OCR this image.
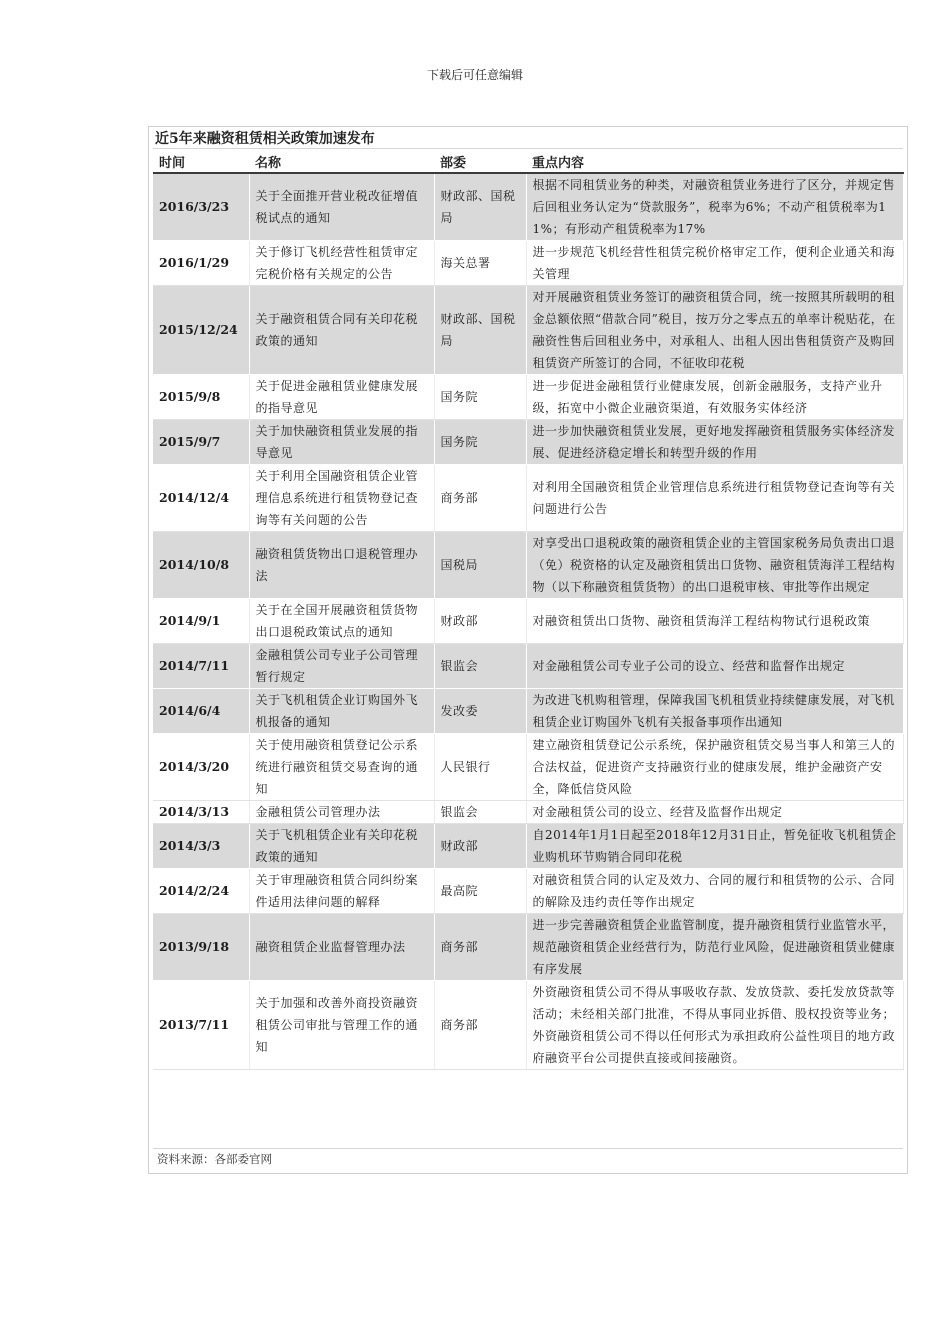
下载后可任意编辑
近5年来融资租赁相关政策加速发布
时间	名称	部委	重点内容
2016/3/23	关于全面推开营业税改征增值税试点的通知	财政部、国税局	根据不同租赁业务的种类，对融资租赁业务进行了区分，并规定售后回租业务认定为“贷款服务”，税率为6%；不动产租赁税率为11%；有形动产租赁税率为17%
2016/1/29	关于修订飞机经营性租赁审定完税价格有关规定的公告	海关总署	进一步规范飞机经营性租赁完税价格审定工作，便利企业通关和海关管理
2015/12/24	关于融资租赁合同有关印花税政策的通知	财政部、国税局	对开展融资租赁业务签订的融资租赁合同，统一按照其所载明的租金总额依照“借款合同”税目，按万分之零点五的单率计税贴花，在融资性售后回租业务中，对承租人、出租人因出售租赁资产及购回租赁资产所签订的合同，不征收印花税
2015/9/8	关于促进金融租赁业健康发展的指导意见	国务院	进一步促进金融租赁行业健康发展，创新金融服务，支持产业升级，拓宽中小微企业融资渠道，有效服务实体经济
2015/9/7	关于加快融资租赁业发展的指导意见	国务院	进一步加快融资租赁业发展，更好地发挥融资租赁服务实体经济发展、促进经济稳定增长和转型升级的作用
2014/12/4	关于利用全国融资租赁企业管理信息系统进行租赁物登记查询等有关问题的公告	商务部	对利用全国融资租赁企业管理信息系统进行租赁物登记查询等有关问题进行公告
2014/10/8	融资租赁货物出口退税管理办法	国税局	对享受出口退税政策的融资租赁企业的主管国家税务局负责出口退（免）税资格的认定及融资租赁出口货物、融资租赁海洋工程结构物（以下称融资租赁货物）的出口退税审核、审批等作出规定
2014/9/1	关于在全国开展融资租赁货物出口退税政策试点的通知	财政部	对融资租赁出口货物、融资租赁海洋工程结构物试行退税政策
2014/7/11	金融租赁公司专业子公司管理暂行规定	银监会	对金融租赁公司专业子公司的设立、经营和监督作出规定
2014/6/4	关于飞机租赁企业订购国外飞机报备的通知	发改委	为改进飞机购租管理，保障我国飞机租赁业持续健康发展，对飞机租赁企业订购国外飞机有关报备事项作出通知
2014/3/20	关于使用融资租赁登记公示系统进行融资租赁交易查询的通知	人民银行	建立融资租赁登记公示系统，保护融资租赁交易当事人和第三人的合法权益，促进资产支持融资行业的健康发展，维护金融资产安全，降低信贷风险
2014/3/13	金融租赁公司管理办法	银监会	对金融租赁公司的设立、经营及监督作出规定
2014/3/3	关于飞机租赁企业有关印花税政策的通知	财政部	自2014年1月1日起至2018年12月31日止，暂免征收飞机租赁企业购机环节购销合同印花税
2014/2/24	关于审理融资租赁合同纠纷案件适用法律问题的解释	最高院	对融资租赁合同的认定及效力、合同的履行和租赁物的公示、合同的解除及违约责任等作出规定
2013/9/18	融资租赁企业监督管理办法	商务部	进一步完善融资租赁企业监管制度，提升融资租赁行业监管水平，规范融资租赁企业经营行为，防范行业风险，促进融资租赁业健康有序发展
2013/7/11	关于加强和改善外商投资融资租赁公司审批与管理工作的通知	商务部	外资融资租赁公司不得从事吸收存款、发放贷款、委托发放贷款等活动；未经相关部门批准，不得从事同业拆借、股权投资等业务；外资融资租赁公司不得以任何形式为承担政府公益性项目的地方政府融资平台公司提供直接或间接融资。
资料来源：各部委官网
